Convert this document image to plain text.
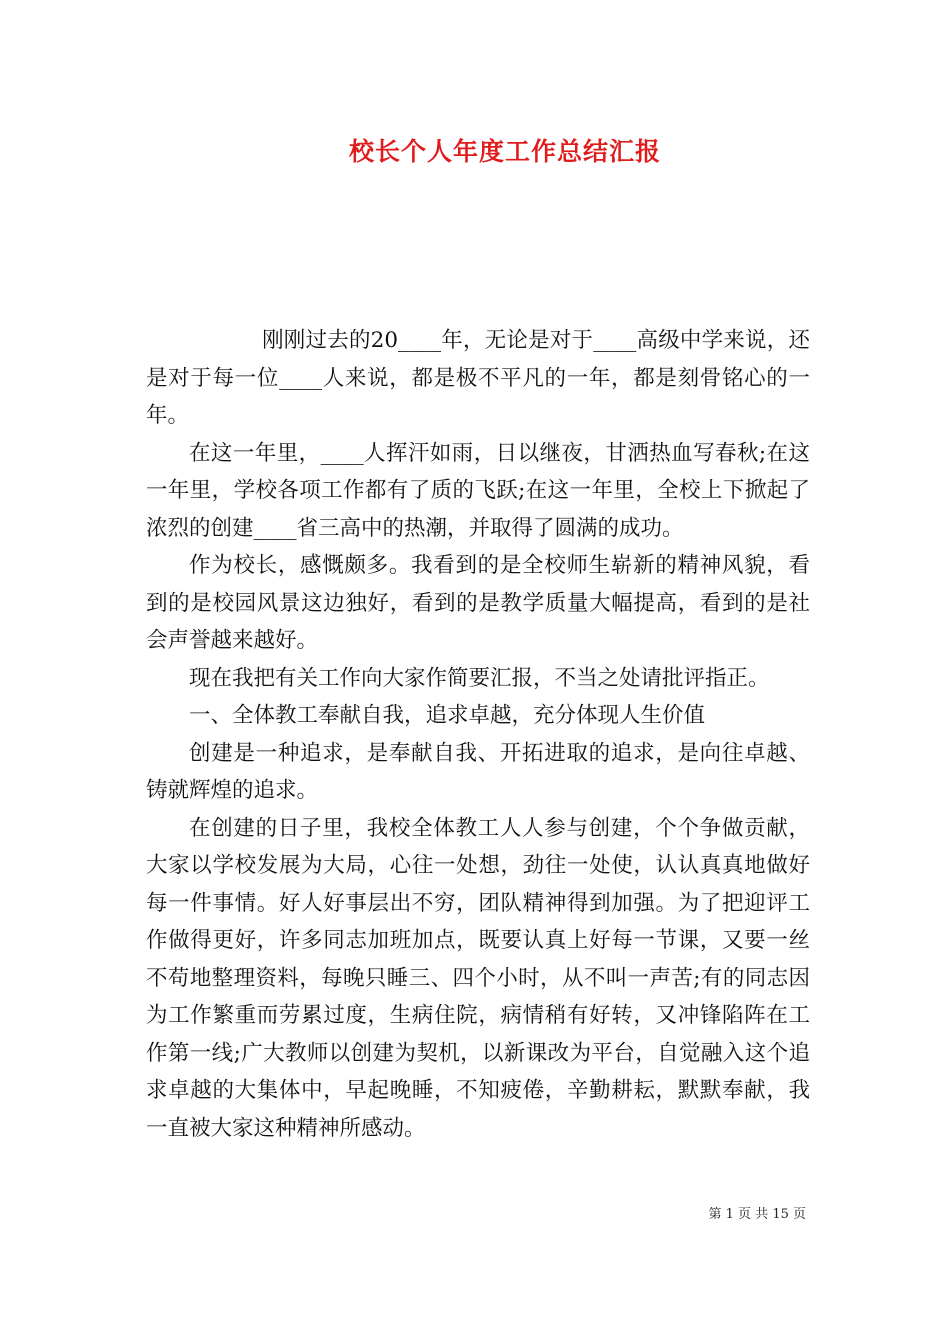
校长个人年度工作总结汇报

刚刚过去的20____年，无论是对于____高级中学来说，还是对于每一位____人来说，都是极不平凡的一年，都是刻骨铭心的一年。

在这一年里，____人挥汗如雨，日以继夜，甘洒热血写春秋;在这一年里，学校各项工作都有了质的飞跃;在这一年里，全校上下掀起了浓烈的创建____省三高中的热潮，并取得了圆满的成功。

作为校长，感慨颇多。我看到的是全校师生崭新的精神风貌，看到的是校园风景这边独好，看到的是教学质量大幅提高，看到的是社会声誉越来越好。

现在我把有关工作向大家作简要汇报，不当之处请批评指正。

一、全体教工奉献自我，追求卓越，充分体现人生价值

创建是一种追求，是奉献自我、开拓进取的追求，是向往卓越、铸就辉煌的追求。

在创建的日子里，我校全体教工人人参与创建，个个争做贡献，大家以学校发展为大局，心往一处想，劲往一处使，认认真真地做好每一件事情。好人好事层出不穷，团队精神得到加强。为了把迎评工作做得更好，许多同志加班加点，既要认真上好每一节课，又要一丝不苟地整理资料，每晚只睡三、四个小时，从不叫一声苦;有的同志因为工作繁重而劳累过度，生病住院，病情稍有好转，又冲锋陷阵在工作第一线;广大教师以创建为契机，以新课改为平台，自觉融入这个追求卓越的大集体中，早起晚睡，不知疲倦，辛勤耕耘，默默奉献，我一直被大家这种精神所感动。

第 1 页 共 15 页
